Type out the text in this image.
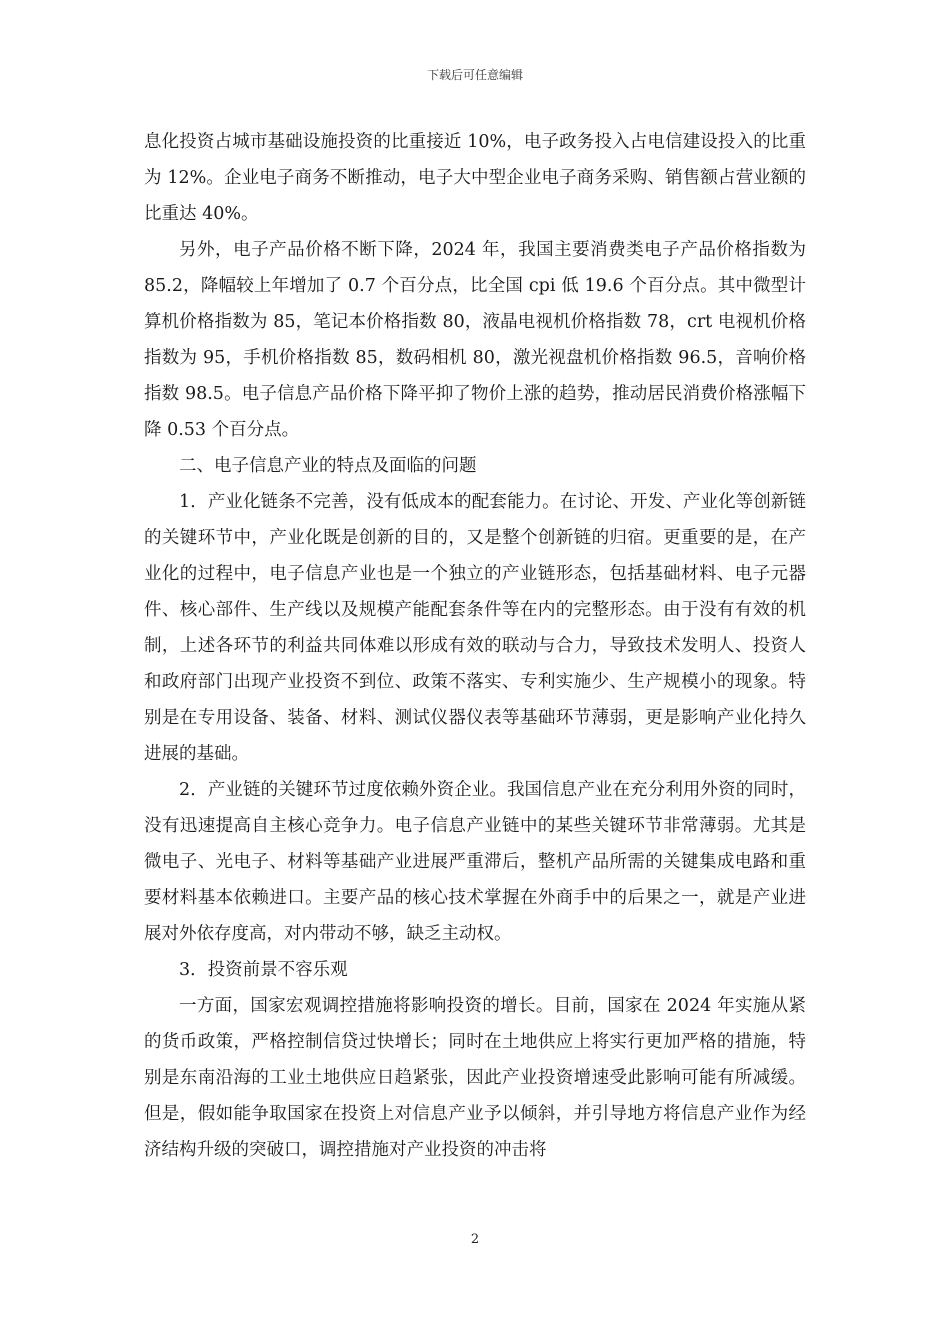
下载后可任意编辑

息化投资占城市基础设施投资的比重接近 10%，电子政务投入占电信建设投入的比重为 12%。企业电子商务不断推动，电子大中型企业电子商务采购、销售额占营业额的比重达 40%。

另外，电子产品价格不断下降，2024 年，我国主要消费类电子产品价格指数为 85.2，降幅较上年增加了 0.7 个百分点，比全国 cpi 低 19.6 个百分点。其中微型计算机价格指数为 85，笔记本价格指数 80，液晶电视机价格指数 78，crt 电视机价格指数为 95，手机价格指数 85，数码相机 80，激光视盘机价格指数 96.5，音响价格指数 98.5。电子信息产品价格下降平抑了物价上涨的趋势，推动居民消费价格涨幅下降 0.53 个百分点。

二、电子信息产业的特点及面临的问题

1．产业化链条不完善，没有低成本的配套能力。在讨论、开发、产业化等创新链的关键环节中，产业化既是创新的目的，又是整个创新链的归宿。更重要的是，在产业化的过程中，电子信息产业也是一个独立的产业链形态，包括基础材料、电子元器件、核心部件、生产线以及规模产能配套条件等在内的完整形态。由于没有有效的机制，上述各环节的利益共同体难以形成有效的联动与合力，导致技术发明人、投资人和政府部门出现产业投资不到位、政策不落实、专利实施少、生产规模小的现象。特别是在专用设备、装备、材料、测试仪器仪表等基础环节薄弱，更是影响产业化持久进展的基础。

2．产业链的关键环节过度依赖外资企业。我国信息产业在充分利用外资的同时，没有迅速提高自主核心竞争力。电子信息产业链中的某些关键环节非常薄弱。尤其是微电子、光电子、材料等基础产业进展严重滞后，整机产品所需的关键集成电路和重要材料基本依赖进口。主要产品的核心技术掌握在外商手中的后果之一，就是产业进展对外依存度高，对内带动不够，缺乏主动权。

3．投资前景不容乐观

一方面，国家宏观调控措施将影响投资的增长。目前，国家在 2024 年实施从紧的货币政策，严格控制信贷过快增长；同时在土地供应上将实行更加严格的措施，特别是东南沿海的工业土地供应日趋紧张，因此产业投资增速受此影响可能有所减缓。但是，假如能争取国家在投资上对信息产业予以倾斜，并引导地方将信息产业作为经济结构升级的突破口，调控措施对产业投资的冲击将

2
